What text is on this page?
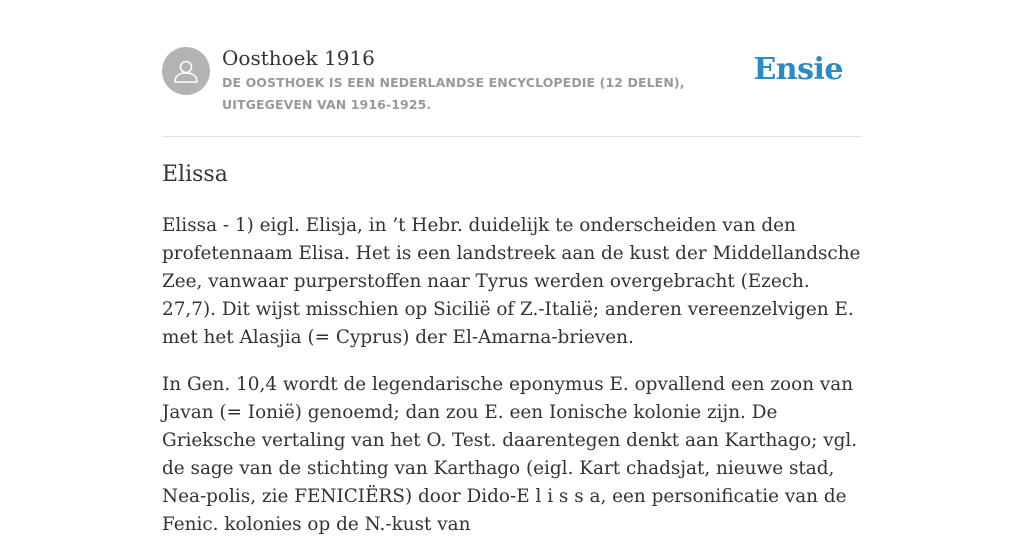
Oosthoek 1916
DE OOSTHOEK IS EEN NEDERLANDSE ENCYCLOPEDIE (12 DELEN), UITGEGEVEN VAN 1916-1925.
Ensie
Elissa

Elissa - 1) eigl. Elisja, in ’t Hebr. duidelijk te onderscheiden van den profetennaam Elisa. Het is een landstreek aan de kust der Middellandsche Zee, vanwaar purperstoffen naar Tyrus werden overgebracht (Ezech. 27,7). Dit wijst misschien op Sicilië of Z.-Italië; anderen vereenzelvigen E. met het Alasjia (= Cyprus) der El-Amarna-brieven.

In Gen. 10,4 wordt de legendarische eponymus E. opvallend een zoon van Javan (= Ionië) genoemd; dan zou E. een Ionische kolonie zijn. De Grieksche vertaling van het O. Test. daarentegen denkt aan Karthago; vgl. de sage van de stichting van Karthago (eigl. Kart chadsjat, nieuwe stad, Nea-polis, zie FENICIËRS) door Dido-E l i s s a, een personificatie van de Fenic. kolonies op de N.-kust van
